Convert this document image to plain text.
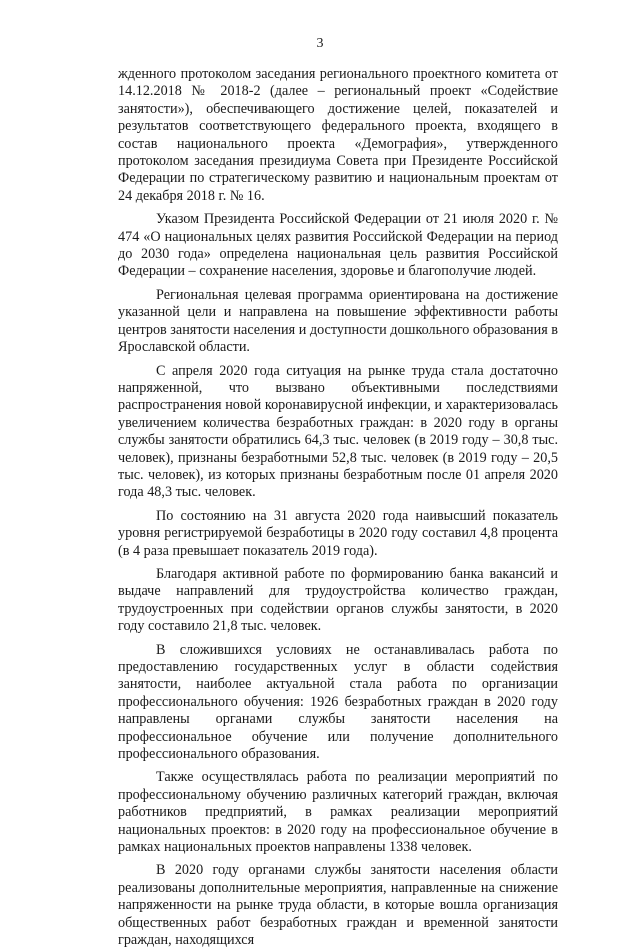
3

жденного протоколом заседания регионального проектного комитета от 14.12.2018 № 2018-2 (далее – региональный проект «Содействие занятости»), обеспечивающего достижение целей, показателей и результатов соответствующего федерального проекта, входящего в состав национального проекта «Демография», утвержденного протоколом заседания президиума Совета при Президенте Российской Федерации по стратегическому развитию и национальным проектам от 24 декабря 2018 г. № 16.

Указом Президента Российской Федерации от 21 июля 2020 г. № 474 «О национальных целях развития Российской Федерации на период до 2030 года» определена национальная цель развития Российской Федерации – сохранение населения, здоровье и благополучие людей.

Региональная целевая программа ориентирована на достижение указанной цели и направлена на повышение эффективности работы центров занятости населения и доступности дошкольного образования в Ярославской области.

С апреля 2020 года ситуация на рынке труда стала достаточно напряженной, что вызвано объективными последствиями распространения новой коронавирусной инфекции, и характеризовалась увеличением количества безработных граждан: в 2020 году в органы службы занятости обратились 64,3 тыс. человек (в 2019 году – 30,8 тыс. человек), признаны безработными 52,8 тыс. человек (в 2019 году – 20,5 тыс. человек), из которых признаны безработным после 01 апреля 2020 года 48,3 тыс. человек.

По состоянию на 31 августа 2020 года наивысший показатель уровня регистрируемой безработицы в 2020 году составил 4,8 процента (в 4 раза превышает показатель 2019 года).

Благодаря активной работе по формированию банка вакансий и выдаче направлений для трудоустройства количество граждан, трудоустроенных при содействии органов службы занятости, в 2020 году составило 21,8 тыс. человек.

В сложившихся условиях не останавливалась работа по предоставлению государственных услуг в области содействия занятости, наиболее актуальной стала работа по организации профессионального обучения: 1926 безработных граждан в 2020 году направлены органами службы занятости населения на профессиональное обучение или получение дополнительного профессионального образования.

Также осуществлялась работа по реализации мероприятий по профессиональному обучению различных категорий граждан, включая работников предприятий, в рамках реализации мероприятий национальных проектов: в 2020 году на профессиональное обучение в рамках национальных проектов направлены 1338 человек.

В 2020 году органами службы занятости населения области реализованы дополнительные мероприятия, направленные на снижение напряженности на рынке труда области, в которые вошла организация общественных работ безработных граждан и временной занятости граждан, находящихся
